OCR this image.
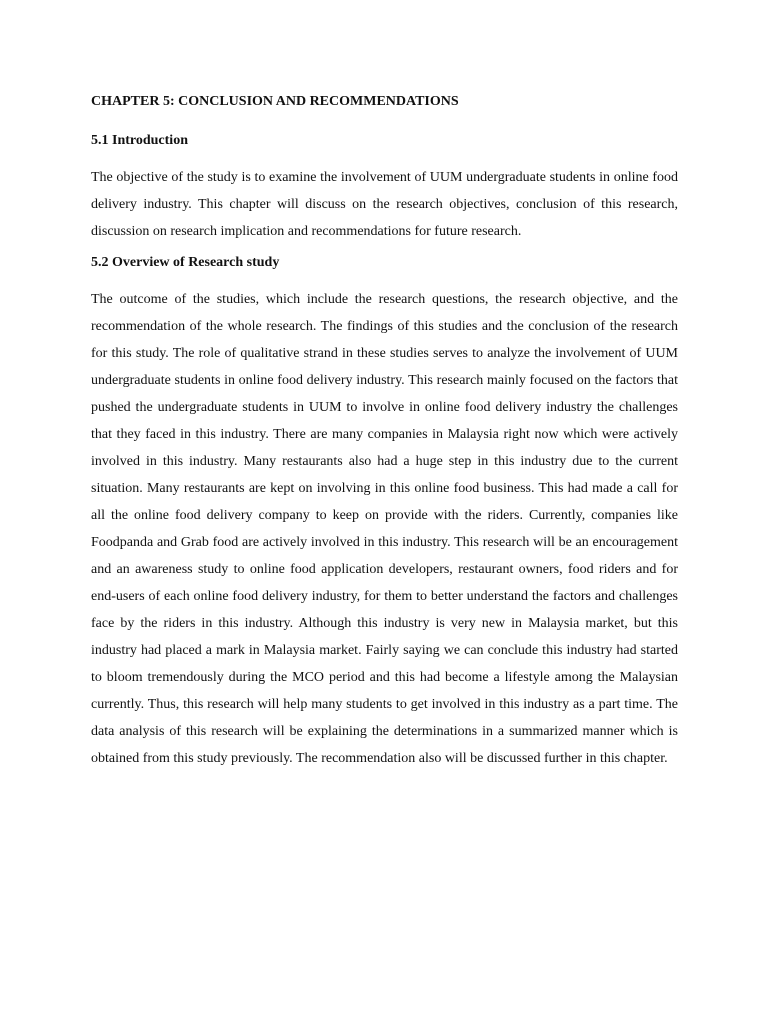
CHAPTER 5: CONCLUSION AND RECOMMENDATIONS
5.1 Introduction

The objective of the study is to examine the involvement of UUM undergraduate students in online food delivery industry. This chapter will discuss on the research objectives, conclusion of this research, discussion on research implication and recommendations for future research.

5.2 Overview of Research study

The outcome of the studies, which include the research questions, the research objective, and the recommendation of the whole research. The findings of this studies and the conclusion of the research for this study. The role of qualitative strand in these studies serves to analyze the involvement of UUM undergraduate students in online food delivery industry. This research mainly focused on the factors that pushed the undergraduate students in UUM to involve in online food delivery industry the challenges that they faced in this industry. There are many companies in Malaysia right now which were actively involved in this industry. Many restaurants also had a huge step in this industry due to the current situation. Many restaurants are kept on involving in this online food business. This had made a call for all the online food delivery company to keep on provide with the riders. Currently, companies like Foodpanda and Grab food are actively involved in this industry. This research will be an encouragement and an awareness study to online food application developers, restaurant owners, food riders and for end-users of each online food delivery industry, for them to better understand the factors and challenges face by the riders in this industry. Although this industry is very new in Malaysia market, but this industry had placed a mark in Malaysia market. Fairly saying we can conclude this industry had started to bloom tremendously during the MCO period and this had become a lifestyle among the Malaysian currently. Thus, this research will help many students to get involved in this industry as a part time. The data analysis of this research will be explaining the determinations in a summarized manner which is obtained from this study previously. The recommendation also will be discussed further in this chapter.
